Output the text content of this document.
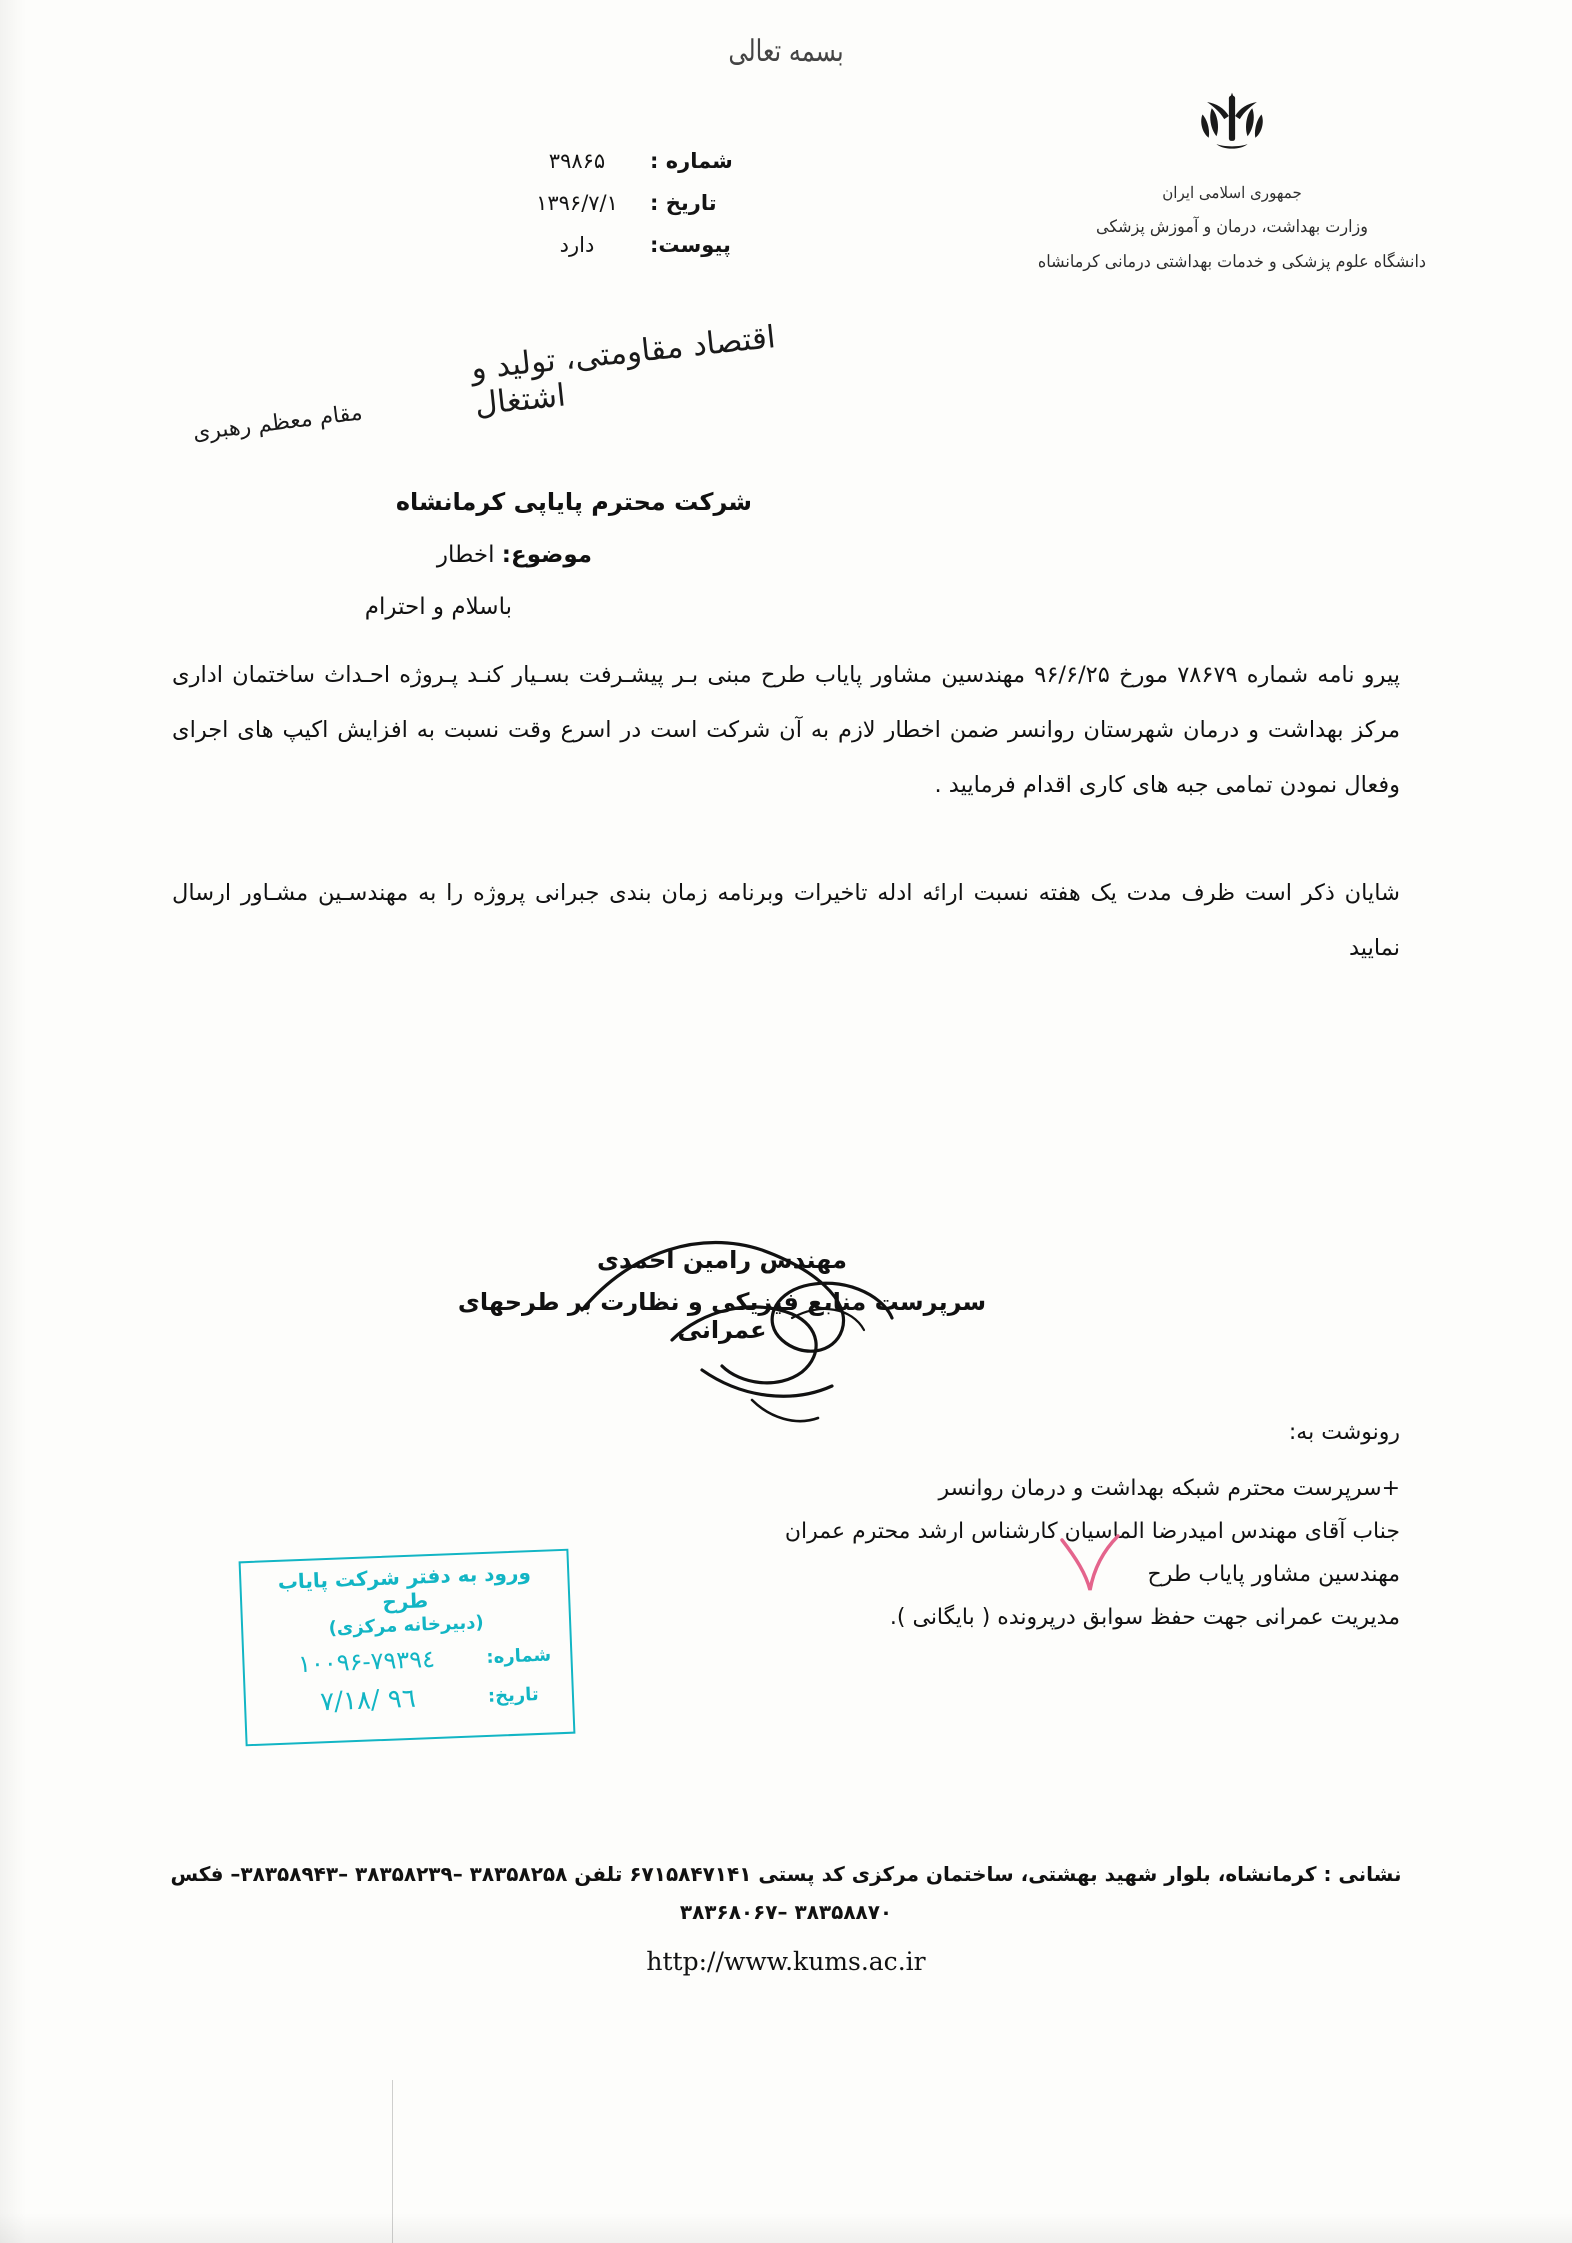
بسمه تعالی
جمهوری اسلامی ایران
وزارت بهداشت، درمان و آموزش پزشکی
دانشگاه علوم پزشکی و خدمات بهداشتی درمانی کرمانشاه
شماره :
۳۹۸۶۵
تاریخ :
۱۳۹۶/۷/۱
پیوست:
دارد
اقتصاد مقاومتی، تولید و اشتغال
مقام معظم رهبری
شرکت محترم پایاپی کرمانشاه
موضوع: اخطار
باسلام و احترام
پیرو نامه شماره ۷۸۶۷۹ مورخ ۹۶/۶/۲۵ مهندسین مشاور پایاب طرح مبنی بـر پیشـرفت بسـیار کنـد پـروژه احـداث ساختمان اداری مرکز بهداشت و درمان شهرستان روانسر ضمن اخطار لازم به آن شرکت است در اسرع وقت نسبت به افزایش اکیپ های اجرای وفعال نمودن تمامی جبه های کاری اقدام فرمایید .
شایان ذکر است ظرف مدت یک هفته نسبت ارائه ادله تاخیرات وبرنامه زمان بندی جبرانی پروژه را به مهندسـین مشـاور ارسال نمایید
مهندس رامین احمدی
سرپرست منابع فیزیکی و نظارت بر طرحهای عمرانی
رونوشت به:
+سرپرست محترم شبکه بهداشت و درمان روانسر
جناب آقای مهندس امیدرضا الماسیان کارشناس ارشد محترم عمران
مهندسین مشاور پایاب طرح
مدیریت عمرانی جهت حفظ سوابق درپرونده ( بایگانی ).
ورود به دفتر شرکت پایاب طرح
(دبیرخانه مرکزی)
شماره:
۱۰۰۹۶-۷۹۳۹٤
تاریخ:
۹٦ /۷/۱۸
نشانی : کرمانشاه، بلوار شهید بهشتی، ساختمان مرکزی کد پستی ۶۷۱۵۸۴۷۱۴۱ تلفن ۳۸۳۵۸۲۵۸ –۳۸۳۵۸۲۳۹ –۳۸۳۵۸۹۴۳– فکس
۳۸۳۵۸۸۷۰ –۳۸۳۶۸۰۶۷
http://www.kums.ac.ir
